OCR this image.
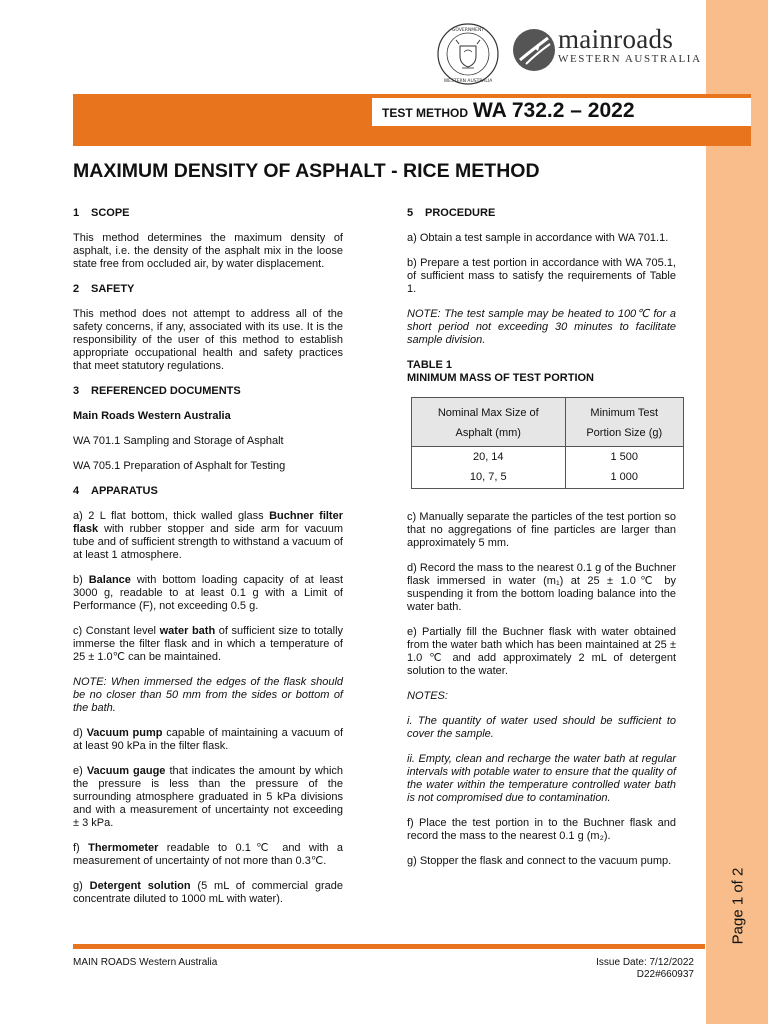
Page 1 of 2
GOVERNMENT
WESTERN AUSTRALIA
mainroads
WESTERN AUSTRALIA
TEST METHOD WA 732.2 – 2022
MAXIMUM DENSITY OF ASPHALT - RICE METHOD

1 SCOPE

This method determines the maximum density of asphalt, i.e. the density of the asphalt mix in the loose state free from occluded air, by water displacement.

2 SAFETY

This method does not attempt to address all of the safety concerns, if any, associated with its use. It is the responsibility of the user of this method to establish appropriate occupational health and safety practices that meet statutory regulations.

3 REFERENCED DOCUMENTS

Main Roads Western Australia

WA 701.1 Sampling and Storage of Asphalt

WA 705.1 Preparation of Asphalt for Testing

4 APPARATUS

a) 2 L flat bottom, thick walled glass Buchner filter flask with rubber stopper and side arm for vacuum tube and of sufficient strength to withstand a vacuum of at least 1 atmosphere.

b) Balance with bottom loading capacity of at least 3000 g, readable to at least 0.1 g with a Limit of Performance (F), not exceeding 0.5 g.

c) Constant level water bath of sufficient size to totally immerse the filter flask and in which a temperature of 25 ± 1.0℃ can be maintained.

NOTE: When immersed the edges of the flask should be no closer than 50 mm from the sides or bottom of the bath.

d) Vacuum pump capable of maintaining a vacuum of at least 90 kPa in the filter flask.

e) Vacuum gauge that indicates the amount by which the pressure is less than the pressure of the surrounding atmosphere graduated in 5 kPa divisions and with a measurement of uncertainty not exceeding ± 3 kPa.

f) Thermometer readable to 0.1℃ and with a measurement of uncertainty of not more than 0.3℃.

g) Detergent solution (5 mL of commercial grade concentrate diluted to 1000 mL with water).

5 PROCEDURE

a) Obtain a test sample in accordance with WA 701.1.

b) Prepare a test portion in accordance with WA 705.1, of sufficient mass to satisfy the requirements of Table 1.

NOTE: The test sample may be heated to 100℃ for a short period not exceeding 30 minutes to facilitate sample division.

TABLE 1
MINIMUM MASS OF TEST PORTION

Nominal Max Size of	Minimum Test
Asphalt (mm)	Portion Size (g)
20, 14	1 500
10, 7, 5	1 000

c) Manually separate the particles of the test portion so that no aggregations of fine particles are larger than approximately 5 mm.

d) Record the mass to the nearest 0.1 g of the Buchner flask immersed in water (m₁) at 25 ± 1.0℃ by suspending it from the bottom loading balance into the water bath.

e) Partially fill the Buchner flask with water obtained from the water bath which has been maintained at 25 ± 1.0 ℃ and add approximately 2 mL of detergent solution to the water.

NOTES:

i. The quantity of water used should be sufficient to cover the sample.

ii. Empty, clean and recharge the water bath at regular intervals with potable water to ensure that the quality of the water within the temperature controlled water bath is not compromised due to contamination.

f) Place the test portion in to the Buchner flask and record the mass to the nearest 0.1 g (m₂).

g) Stopper the flask and connect to the vacuum pump.

MAIN ROADS Western Australia	Issue Date: 7/12/2022
D22#660937
